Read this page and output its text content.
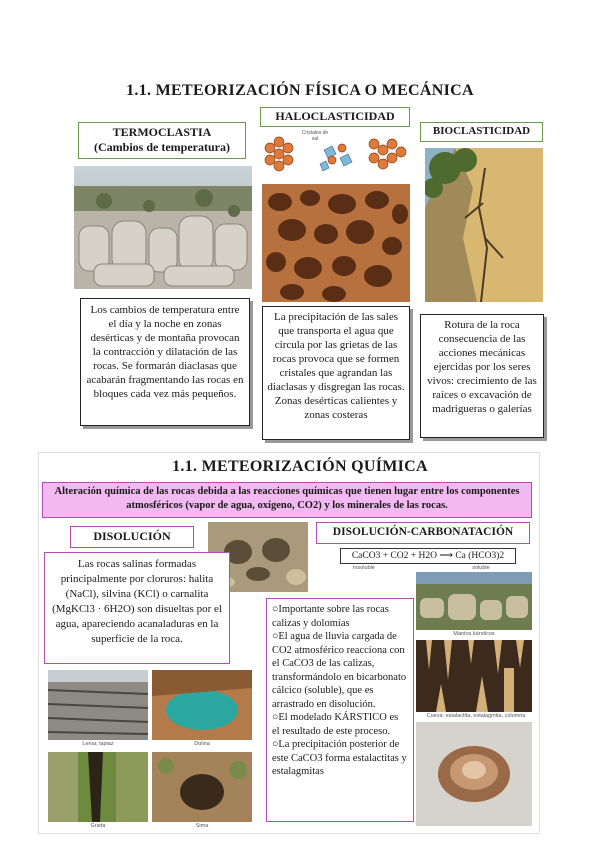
1.1. METEORIZACIÓN FÍSICA O MECÁNICA
TERMOCLASTIA
(Cambios de temperatura)
HALOCLASTICIDAD
BIOCLASTICIDAD
Cristales de sal
Los cambios de temperatura entre el día y la noche en zonas desérticas y de montaña provocan la contracción y dilatación de las rocas. Se formarán diaclasas que acabarán fragmentando las rocas en bloques cada vez más pequeños.
La precipitación de las sales que transporta el agua que circula por las grietas de las rocas provoca que se formen cristales que agrandan las diaclasas y disgregan las rocas. Zonas desérticas calientes y zonas costeras
Rotura de la roca consecuencia de las acciones mecánicas ejercidas por los seres vivos: crecimiento de las raíces o excavación de madrigueras o galerías
1.1. METEORIZACIÓN QUÍMICA
Alteración química de las rocas debida a las reacciones químicas que tienen lugar entre los componentes atmosféricos (vapor de agua, oxígeno, CO2) y los minerales de las rocas.
DISOLUCIÓN
Las rocas salinas formadas principalmente por cloruros: halita (NaCl), silvina (KCl) o carnalita (MgKCl3 · 6H2O) son disueltas por el agua, apareciendo acanaladuras en la superficie de la roca.
DISOLUCIÓN-CARBONATACIÓN
CaCO3 + CO2 + H2O ⟶ Ca (HCO3)2
insoluble	soluble
Mantos kársticos
Cueva: estalactita, estalagmita, columna
○Importante sobre las rocas calizas y dolomías
○El agua de lluvia cargada de CO2 atmosférico reacciona con el CaCO3 de las calizas, transformándolo en bicarbonato cálcico (soluble), que es arrastrado en disolución.
○El modelado KÁRSTICO es el resultado de este proceso.
○La precipitación posterior de este CaCO3 forma estalactitas y estalagmitas
Lenar, lapiaz	Dolina
Grieta	Sima
